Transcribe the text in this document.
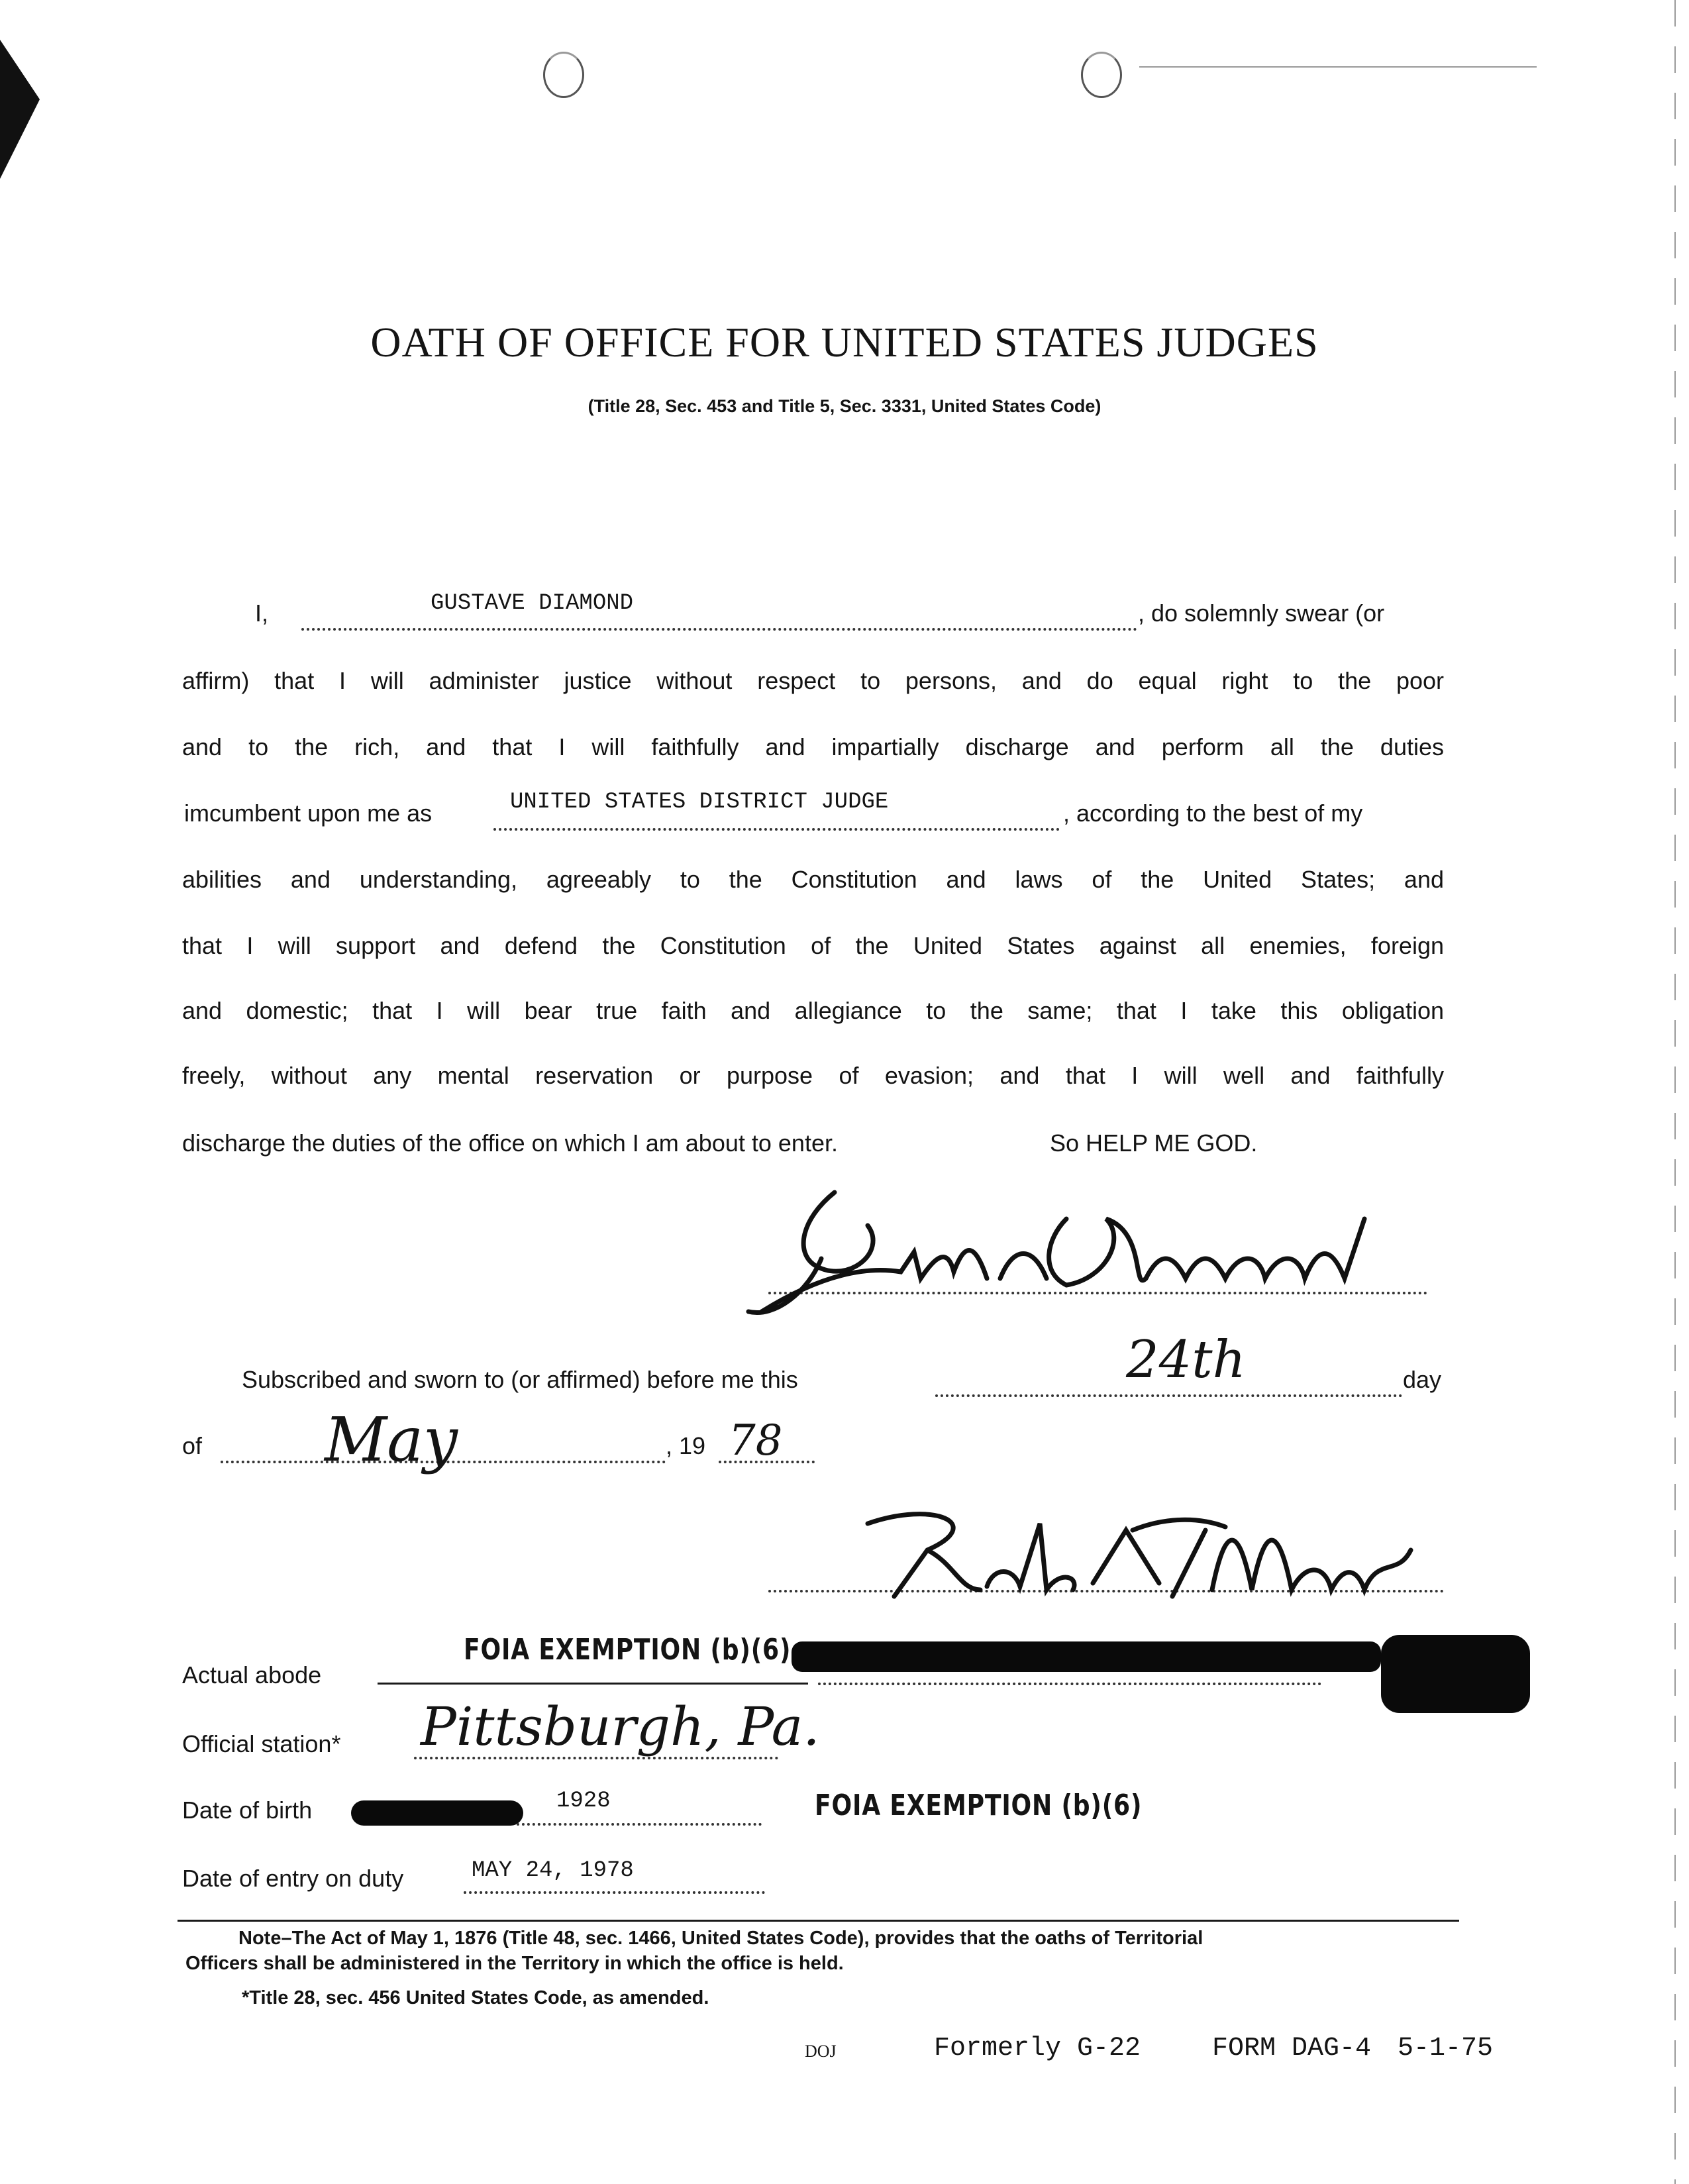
OATH OF OFFICE FOR UNITED STATES JUDGES
(Title 28, Sec. 453 and Title 5, Sec. 3331, United States Code)
I,	GUSTAVE DIAMOND	, do solemnly swear (or
affirm) that I will administer justice without respect to persons, and do equal right to the poor
and to the rich, and that I will faithfully and impartially discharge and perform all the duties
imcumbent upon me as	UNITED STATES DISTRICT JUDGE	, according to the best of my
abilities and understanding, agreeably to the Constitution and laws of the United States; and
that I will support and defend the Constitution of the United States against all enemies, foreign
and domestic; that I will bear true faith and allegiance to the same; that I take this obligation
freely, without any mental reservation or purpose of evasion; and that I will well and faithfully
discharge the duties of the office on which I am about to enter.	So HELP ME GOD.
Subscribed and sworn to (or affirmed) before me this	24th	day
of May	, 19 78
Actual abode
FOIA EXEMPTION (b)(6)
Official station* Pittsburgh, Pa.
Date of birth	1928	FOIA EXEMPTION (b)(6)
Date of entry on duty	MAY 24, 1978
Note–The Act of May 1, 1876 (Title 48, sec. 1466, United States Code), provides that the oaths of Territorial
Officers shall be administered in the Territory in which the office is held.
*Title 28, sec. 456 United States Code, as amended.
DOJ	Formerly G-22	FORM DAG-4 5-1-75
